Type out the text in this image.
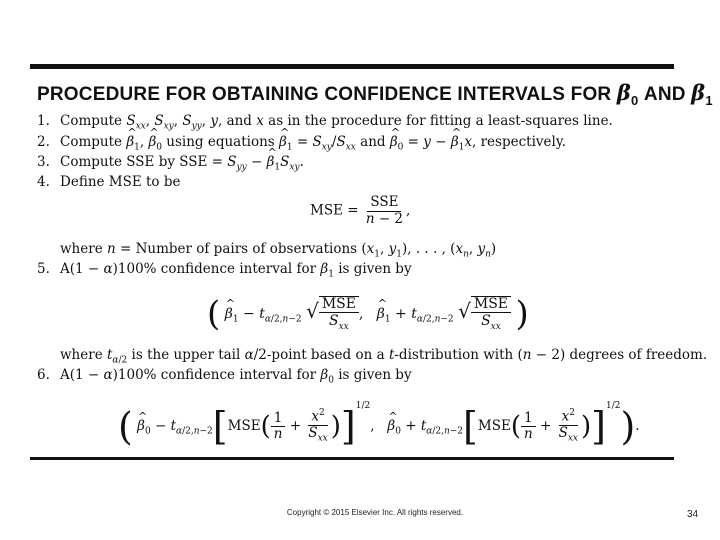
PROCEDURE FOR OBTAINING CONFIDENCE INTERVALS FOR $\beta_0$ AND $\beta_1$
1. Compute $S_{xx}$, $S_{xy}$, $S_{yy}$, y, and x as in the procedure for fitting a least-squares line.
2. Compute ^ $\beta_1$, ^ $\beta_0$ using equations ^ $\beta_1 = S_{xy}/S_{xx}$ and ^ $\beta_0 = y$ − ^ $\beta_1x$, respectively.
3. Compute SSE by SSE = $S_{yy}$ − ^ $\beta_1S_{xy}$.
4. Define MSE to be
MSE = $\frac{\text{SSE}}{n - 2}$ ,
where n = Number of pairs of observations ($x_1$, $y_1$), . . . , ($x_n$, $y_n$)
5. A(1 − α)100% confidence interval for $\beta_1$ is given by
( ^ $\beta_1 - t_{\alpha/2,n-2}$ √ $\frac{\text{MSE}}{S_{xx}}$ ,   ^ $\beta_1 + t_{\alpha/2,n-2}$ √ $\frac{\text{MSE}}{S_{xx}}$ )
where $t_{\alpha/2}$ is the upper tail α/2-point based on a t-distribution with (n − 2) degrees of freedom.
6. A(1 − α)100% confidence interval for $\beta_0$ is given by
( ^ $\beta_0 - t_{\alpha/2,n-2}[MSE( \frac{1}{n} + \frac{x^2}{S_{xx}} )]^{1/2}$,   ^ $\beta_0 + t_{\alpha/2,n-2}[MSE( \frac{1}{n} + \frac{x^2}{S_{xx}} )]^{1/2}$).
Copyright © 2015 Elsevier Inc. All rights reserved.	34
